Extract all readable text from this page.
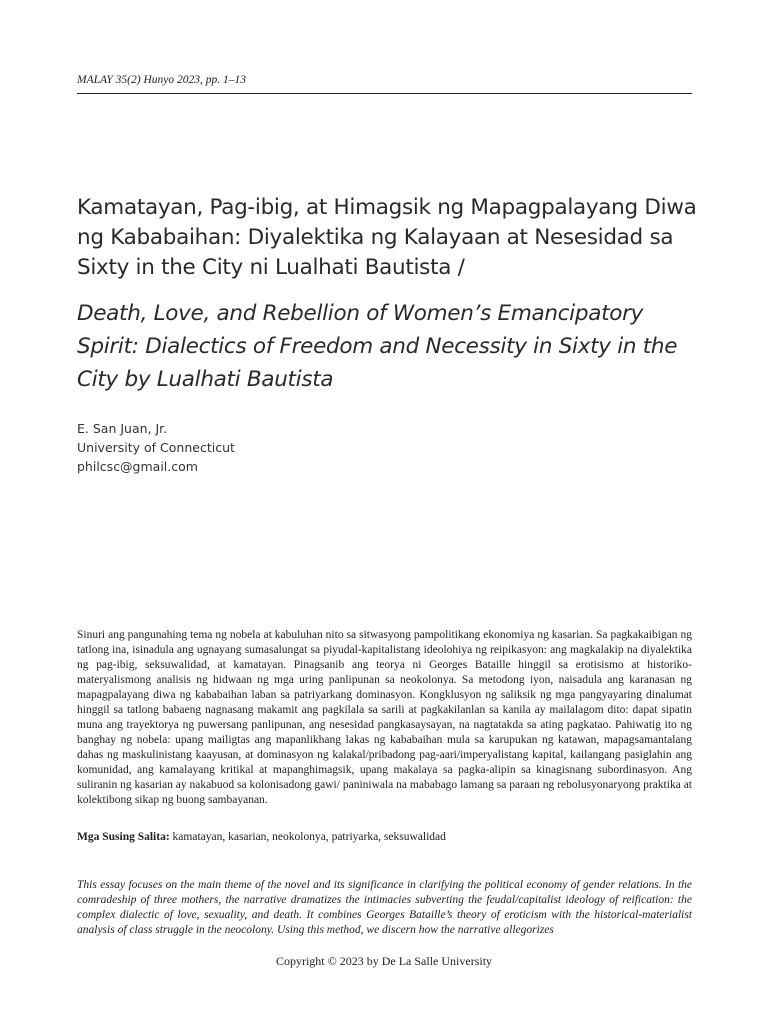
MALAY 35(2) Hunyo 2023, pp. 1–13
Kamatayan, Pag-ibig, at Himagsik ng Mapagpalayang Diwa ng Kababaihan: Diyalektika ng Kalayaan at Nesesidad sa Sixty in the City ni Lualhati Bautista /
Death, Love, and Rebellion of Women’s Emancipatory Spirit: Dialectics of Freedom and Necessity in Sixty in the City by Lualhati Bautista
E. San Juan, Jr.
University of Connecticut
philcsc@gmail.com
Sinuri ang pangunahing tema ng nobela at kabuluhan nito sa sitwasyong pampolitikang ekonomiya ng kasarian. Sa pagkakaibigan ng tatlong ina, isinadula ang ugnayang sumasalungat sa piyudal-kapitalistang ideolohiya ng reipikasyon: ang magkalakip na diyalektika ng pag-ibig, seksuwalidad, at kamatayan. Pinagsanib ang teorya ni Georges Bataille hinggil sa erotisismo at historiko-materyalismong analisis ng hidwaan ng mga uring panlipunan sa neokolonya. Sa metodong iyon, naisadula ang karanasan ng mapagpalayang diwa ng kababaihan laban sa patriyarkang dominasyon. Kongklusyon ng saliksik ng mga pangyayaring dinalumat hinggil sa tatlong babaeng nagnasang makamit ang pagkilala sa sarili at pagkakilanlan sa kanila ay mailalagom dito: dapat sipatin muna ang trayektorya ng puwersang panlipunan, ang nesesidad pangkasaysayan, na nagtatakda sa ating pagkatao. Pahiwatig ito ng banghay ng nobela: upang mailigtas ang mapanlikhang lakas ng kababaihan mula sa karupukan ng katawan, mapagsamantalang dahas ng maskulinistang kaayusan, at dominasyon ng kalakal/pribadong pag-aari/imperyalistang kapital, kailangang pasiglahin ang komunidad, ang kamalayang kritikal at mapanghimagsik, upang makalaya sa pagka-alipin sa kinagisnang subordinasyon. Ang suliranin ng kasarian ay nakabuod sa kolonisadong gawi/ paniniwala na mababago lamang sa paraan ng rebolusyonaryong praktika at kolektibong sikap ng buong sambayanan.
Mga Susing Salita: kamatayan, kasarian, neokolonya, patriyarka, seksuwalidad
This essay focuses on the main theme of the novel and its significance in clarifying the political economy of gender relations. In the comradeship of three mothers, the narrative dramatizes the intimacies subverting the feudal/capitalist ideology of reification: the complex dialectic of love, sexuality, and death. It combines Georges Bataille’s theory of eroticism with the historical-materialist analysis of class struggle in the neocolony. Using this method, we discern how the narrative allegorizes
Copyright © 2023 by De La Salle University
